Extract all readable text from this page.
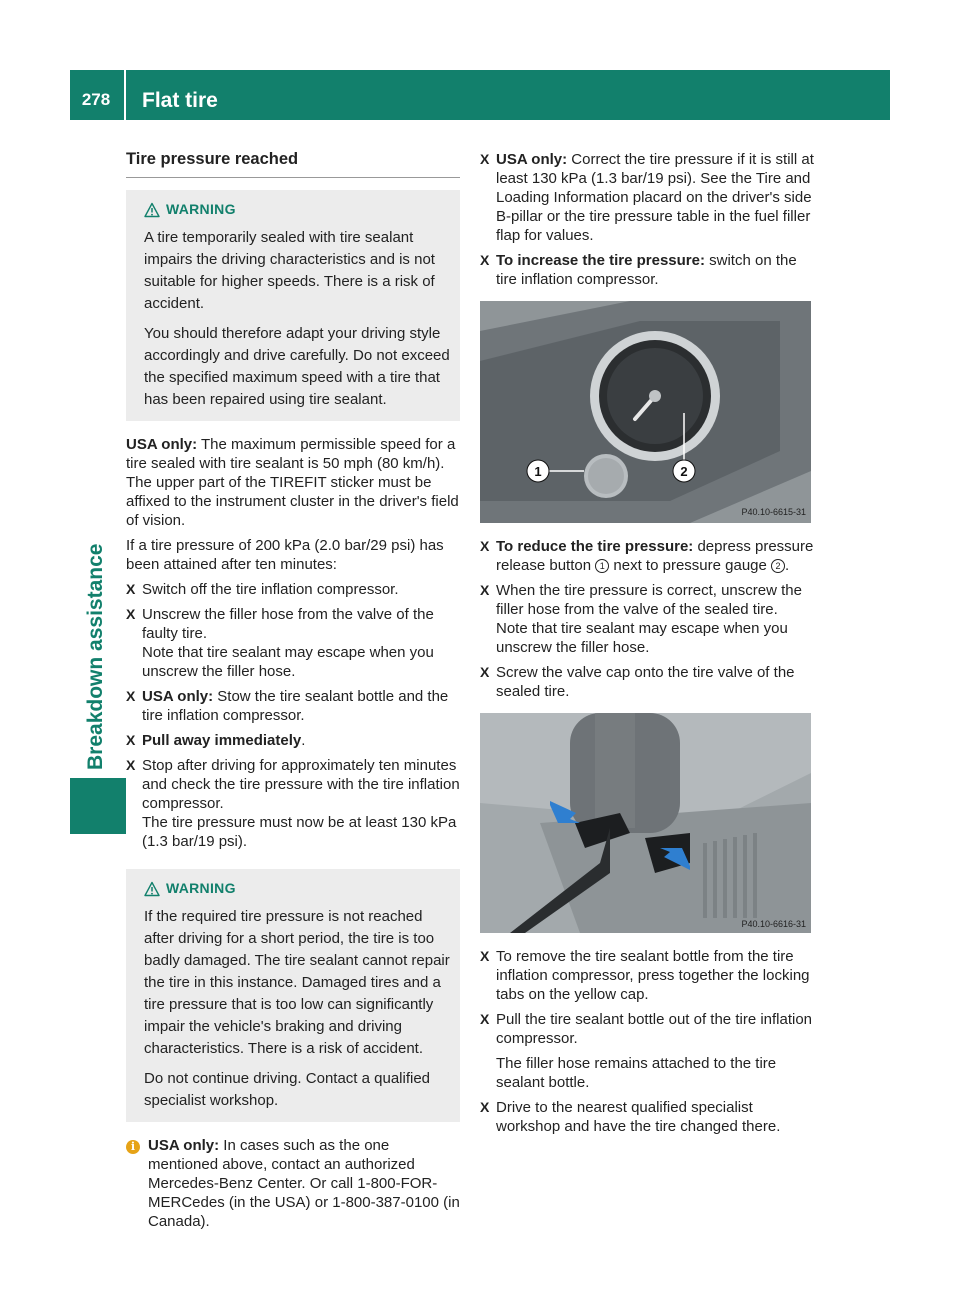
278	Flat tire
Breakdown assistance
Tire pressure reached
WARNING

A tire temporarily sealed with tire sealant impairs the driving characteristics and is not suitable for higher speeds. There is a risk of accident.

You should therefore adapt your driving style accordingly and drive carefully. Do not exceed the specified maximum speed with a tire that has been repaired using tire sealant.

USA only: The maximum permissible speed for a tire sealed with tire sealant is 50 mph (80 km/h). The upper part of the TIREFIT sticker must be affixed to the instrument cluster in the driver's field of vision.

If a tire pressure of 200 kPa (2.0 bar/29 psi) has been attained after ten minutes:

X Switch off the tire inflation compressor.
X Unscrew the filler hose from the valve of the faulty tire.
Note that tire sealant may escape when you unscrew the filler hose.
X USA only: Stow the tire sealant bottle and the tire inflation compressor.
X Pull away immediately.
X Stop after driving for approximately ten minutes and check the tire pressure with the tire inflation compressor.
The tire pressure must now be at least 130 kPa (1.3 bar/19 psi).
WARNING

If the required tire pressure is not reached after driving for a short period, the tire is too badly damaged. The tire sealant cannot repair the tire in this instance. Damaged tires and a tire pressure that is too low can significantly impair the vehicle's braking and driving characteristics. There is a risk of accident.

Do not continue driving. Contact a qualified specialist workshop.

i USA only: In cases such as the one mentioned above, contact an authorized Mercedes-Benz Center. Or call 1-800-FOR-MERCedes (in the USA) or 1-800-387-0100 (in Canada).
X USA only: Correct the tire pressure if it is still at least 130 kPa (1.3 bar/19 psi). See the Tire and Loading Information placard on the driver's side B-pillar or the tire pressure table in the fuel filler flap for values.
X To increase the tire pressure: switch on the tire inflation compressor.
1	2
P40.10-6615-31
X To reduce the tire pressure: depress pressure release button 1 next to pressure gauge 2 .
X When the tire pressure is correct, unscrew the filler hose from the valve of the sealed tire.
Note that tire sealant may escape when you unscrew the filler hose.
X Screw the valve cap onto the tire valve of the sealed tire.
P40.10-6616-31
X To remove the tire sealant bottle from the tire inflation compressor, press together the locking tabs on the yellow cap.
X Pull the tire sealant bottle out of the tire inflation compressor.

The filler hose remains attached to the tire sealant bottle.
X Drive to the nearest qualified specialist workshop and have the tire changed there.
